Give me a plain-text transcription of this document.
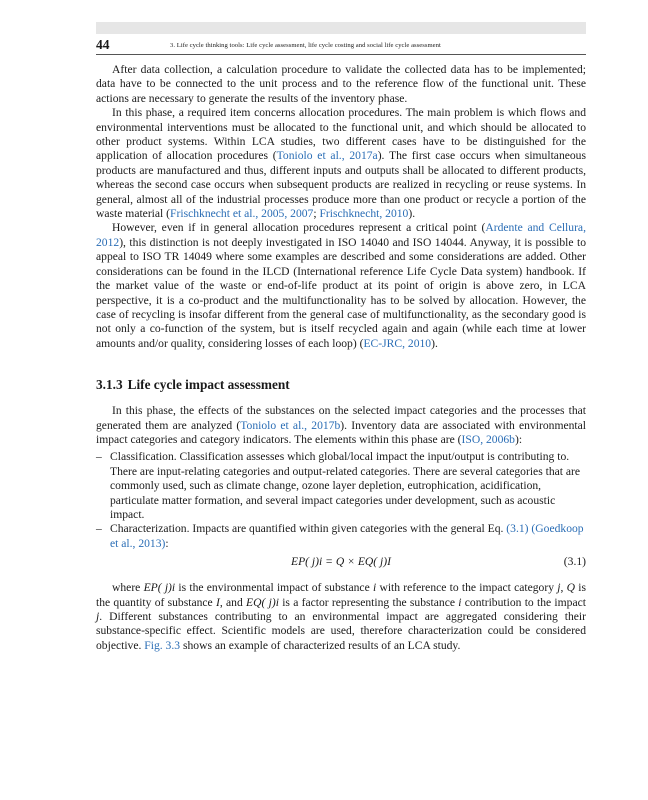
44	3. Life cycle thinking tools: Life cycle assessment, life cycle costing and social life cycle assessment

After data collection, a calculation procedure to validate the collected data has to be implemented; data have to be connected to the unit process and to the reference flow of the functional unit. These actions are necessary to generate the results of the inventory phase.

In this phase, a required item concerns allocation procedures. The main problem is which flows and environmental interventions must be allocated to the functional unit, and which should be allocated to other product systems. Within LCA studies, two different cases have to be distinguished for the application of allocation procedures (Toniolo et al., 2017a). The first case occurs when simultaneous products are manufactured and thus, different inputs and outputs shall be allocated to different products, whereas the second case occurs when subsequent products are realized in recycling or reuse systems. In general, almost all of the industrial processes produce more than one product or recycle a portion of the waste material (Frischknecht et al., 2005, 2007; Frischknecht, 2010).

However, even if in general allocation procedures represent a critical point (Ardente and Cellura, 2012), this distinction is not deeply investigated in ISO 14040 and ISO 14044. Anyway, it is possible to appeal to ISO TR 14049 where some examples are described and some considerations are added. Other considerations can be found in the ILCD (International reference Life Cycle Data system) handbook. If the market value of the waste or end-of-life product at its point of origin is above zero, in LCA perspective, it is a co-product and the multifunctionality has to be solved by allocation. However, the case of recycling is insofar different from the general case of multifunctionality, as the secondary good is not only a co-function of the system, but is itself recycled again and again (while each time at lower amounts and/or quality, considering losses of each loop) (EC-JRC, 2010).

3.1.3 Life cycle impact assessment

In this phase, the effects of the substances on the selected impact categories and the processes that generated them are analyzed (Toniolo et al., 2017b). Inventory data are associated with environmental impact categories and category indicators. The elements within this phase are (ISO, 2006b):

– Classification. Classification assesses which global/local impact the input/output is contributing to. There are input-relating categories and output-related categories. There are several categories that are commonly used, such as climate change, ozone layer depletion, eutrophication, acidification, particulate matter formation, and several impact categories under development, such as acoustic impact.
– Characterization. Impacts are quantified within given categories with the general Eq. (3.1) (Goedkoop et al., 2013):
EP( j)i = Q × EQ( j)I	(3.1)

where EP( j)i is the environmental impact of substance i with reference to the impact category j, Q is the quantity of substance I, and EQ( j)i is a factor representing the substance i contribution to the impact j. Different substances contributing to an environmental impact are aggregated considering their substance-specific effect. Scientific models are used, therefore characterization could be considered objective. Fig. 3.3 shows an example of characterized results of an LCA study.
